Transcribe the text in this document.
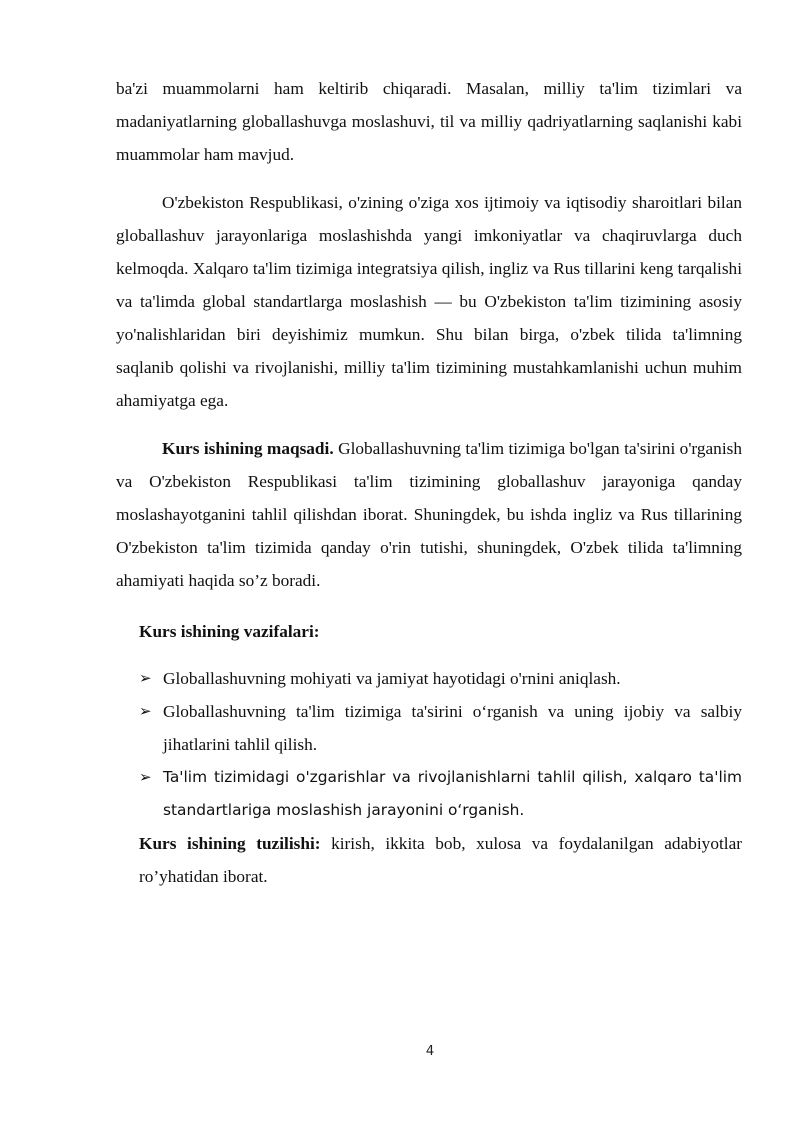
ba'zi muammolarni ham keltirib chiqaradi. Masalan, milliy ta'lim tizimlari va madaniyatlarning globallashuvga moslashuvi, til va milliy qadriyatlarning saqlanishi kabi muammolar ham mavjud.

O'zbekiston Respublikasi, o'zining o'ziga xos ijtimoiy va iqtisodiy sharoitlari bilan globallashuv jarayonlariga moslashishda yangi imkoniyatlar va chaqiruvlarga duch kelmoqda. Xalqaro ta'lim tizimiga integratsiya qilish, ingliz va Rus tillarini keng tarqalishi va ta'limda global standartlarga moslashish — bu O'zbekiston ta'lim tizimining asosiy yo'nalishlaridan biri deyishimiz mumkun. Shu bilan birga, o'zbek tilida ta'limning saqlanib qolishi va rivojlanishi, milliy ta'lim tizimining mustahkamlanishi uchun muhim ahamiyatga ega.

Kurs ishining maqsadi. Globallashuvning ta'lim tizimiga bo'lgan ta'sirini o'rganish va O'zbekiston Respublikasi ta'lim tizimining globallashuv jarayoniga qanday moslashayotganini tahlil qilishdan iborat. Shuningdek, bu ishda ingliz va Rus tillarining O'zbekiston ta'lim tizimida qanday o'rin tutishi, shuningdek, O'zbek tilida ta'limning ahamiyati haqida so’z boradi.

Kurs ishining vazifalari:
➢ Globallashuvning mohiyati va jamiyat hayotidagi o'rnini aniqlash.
➢ Globallashuvning ta'lim tizimiga ta'sirini o‘rganish va uning ijobiy va salbiy jihatlarini tahlil qilish.
➢ Ta'lim tizimidagi o'zgarishlar va rivojlanishlarni tahlil qilish, xalqaro ta'lim standartlariga moslashish jarayonini o‘rganish.

Kurs ishining tuzilishi: kirish, ikkita bob, xulosa va foydalanilgan adabiyotlar ro’yhatidan iborat.

4
